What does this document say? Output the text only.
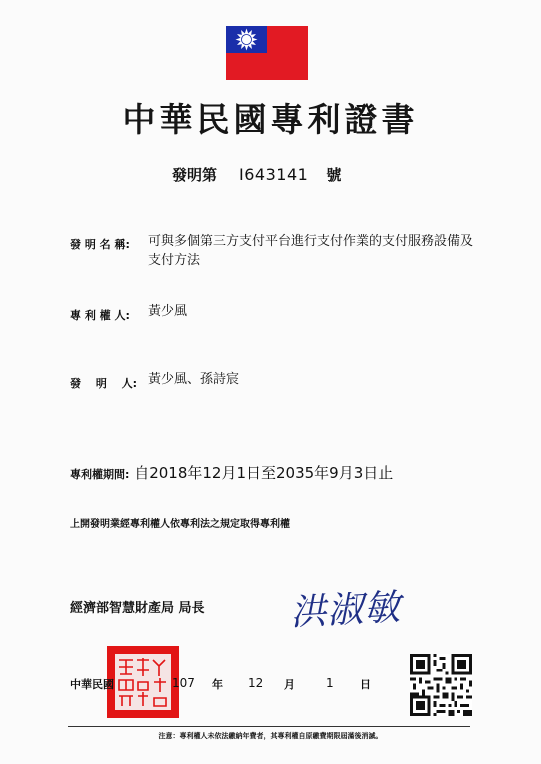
中華民國專利證書
發明第 I643141 號
發 明 名 稱: 可與多個第三方支付平台進行支付作業的支付服務設備及支付方法
專 利 權 人: 黃少風
發　 明　 人: 黃少風、孫詩宸
專利權期間: 自2018年12月1日至2035年9月3日止
上開發明業經專利權人依專利法之規定取得專利權
經濟部智慧財產局 局長 洪淑敏
中華民國	107 年 12 月	1 日
注意：專利權人未依法繳納年費者，其專利權自原繳費期限屆滿後消滅。
